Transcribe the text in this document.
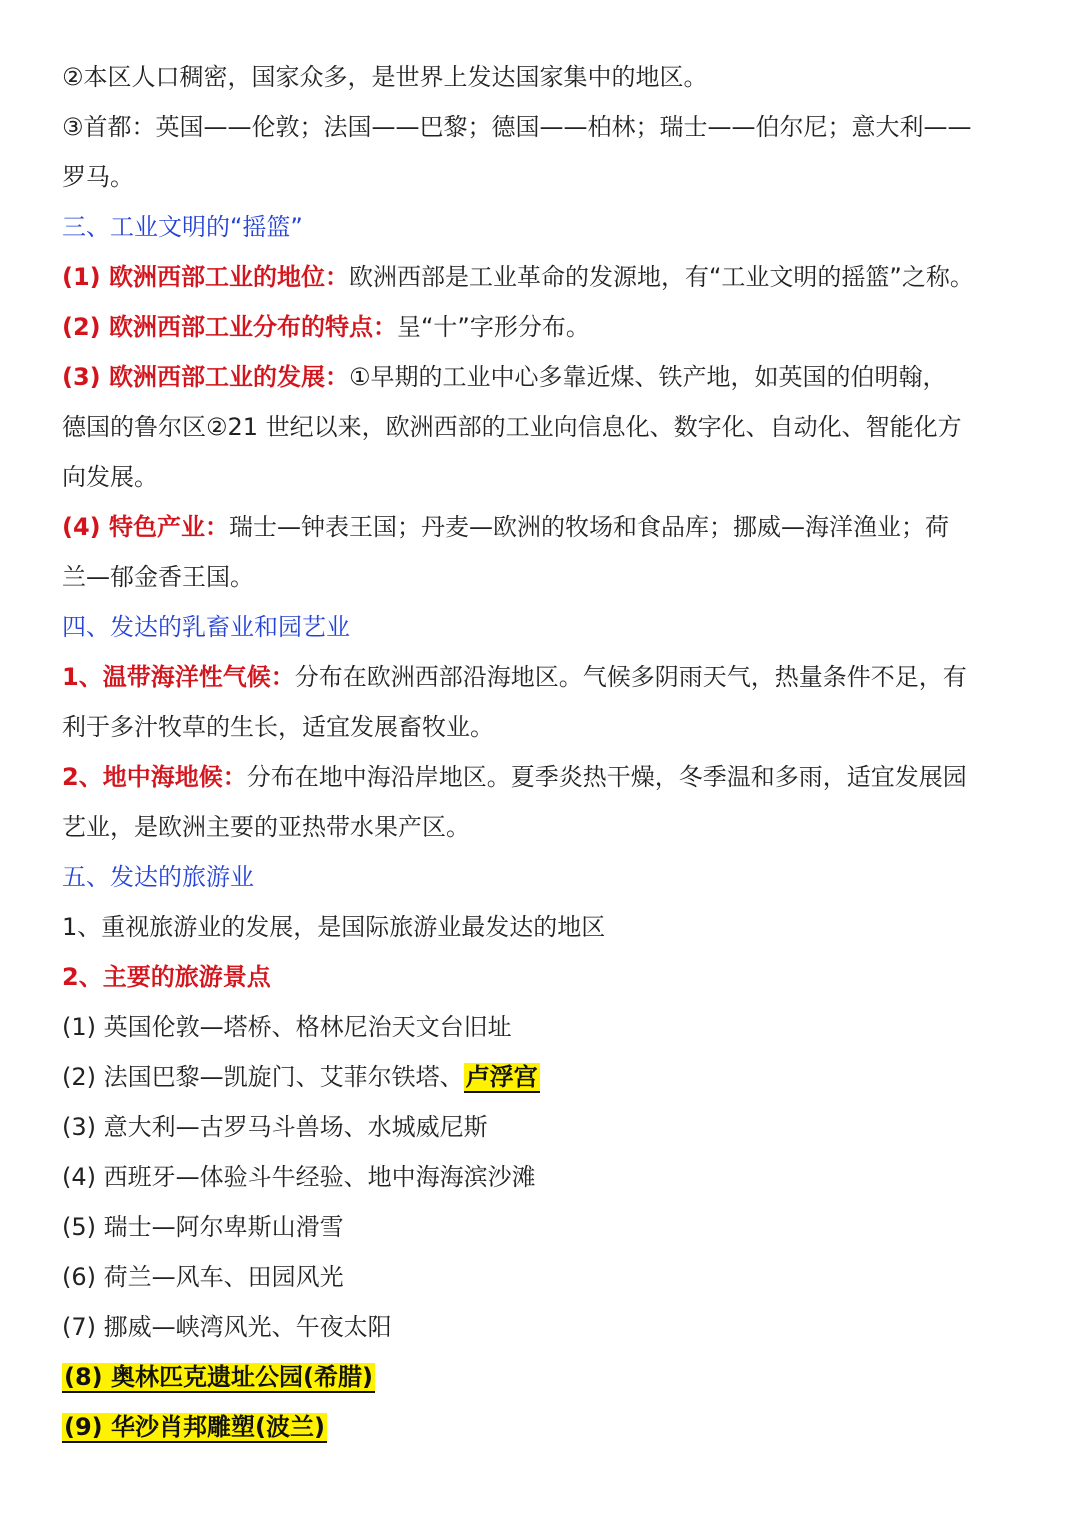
②本区人口稠密，国家众多，是世界上发达国家集中的地区。
③首都：英国——伦敦；法国——巴黎；德国——柏林；瑞士——伯尔尼；意大利——
罗马。
三、工业文明的“摇篮”
(1) 欧洲西部工业的地位：欧洲西部是工业革命的发源地，有“工业文明的摇篮”之称。
(2) 欧洲西部工业分布的特点：呈“十”字形分布。
(3) 欧洲西部工业的发展：①早期的工业中心多靠近煤、铁产地，如英国的伯明翰，
德国的鲁尔区②21 世纪以来，欧洲西部的工业向信息化、数字化、自动化、智能化方
向发展。
(4) 特色产业：瑞士—钟表王国；丹麦—欧洲的牧场和食品库；挪威—海洋渔业；荷
兰—郁金香王国。
四、发达的乳畜业和园艺业
1、温带海洋性气候：分布在欧洲西部沿海地区。气候多阴雨天气，热量条件不足，有
利于多汁牧草的生长，适宜发展畜牧业。
2、地中海地候：分布在地中海沿岸地区。夏季炎热干燥，冬季温和多雨，适宜发展园
艺业，是欧洲主要的亚热带水果产区。
五、发达的旅游业
1、重视旅游业的发展，是国际旅游业最发达的地区
2、主要的旅游景点
(1) 英国伦敦—塔桥、格林尼治天文台旧址
(2) 法国巴黎—凯旋门、艾菲尔铁塔、卢浮宫
(3) 意大利—古罗马斗兽场、水城威尼斯
(4) 西班牙—体验斗牛经验、地中海海滨沙滩
(5) 瑞士—阿尔卑斯山滑雪
(6) 荷兰—风车、田园风光
(7) 挪威—峡湾风光、午夜太阳
(8) 奥林匹克遗址公园(希腊)
(9) 华沙肖邦雕塑(波兰)
